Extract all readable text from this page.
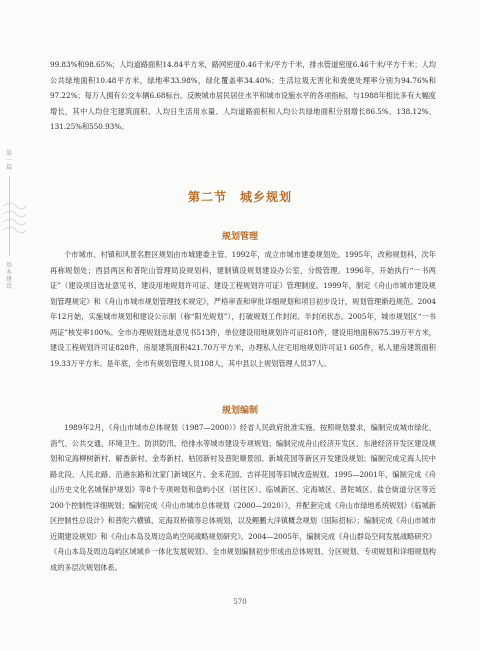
第一篇
基本建设

99.83%和98.65%；人均道路面积14.84平方米，路网密度0.46千米/平方千米，排水管道密度6.46千米/平方千米；人均公共绿地面积10.48平方米，绿地率33.98%，绿化覆盖率34.40%；生活垃圾无害化和粪便处理率分别为94.76%和97.22%；每万人拥有公交车辆6.68标台。反映城市居民居住水平和城市设施水平的各项指标，与1988年相比多有大幅度增长，其中人均住宅建筑面积、人均日生活用水量、人均道路面积和人均公共绿地面积分别增长86.5%、138.12%、131.25%和550.93%。

第二节　城乡规划
规划管理

个市城市、村镇和风景名胜区规划由市城建委主管。1992年，成立市城市建委规划处。1995年，改称规划科，次年再称规划处；西县两区和普陀山管理局设规划科，建制镇设规划建设办公室，分级管理。1996年，开始执行“一书两证”（建设项目选址意见书、建设用地规划许可证、建设工程规划许可证）管理制度。1999年，制定《舟山市城市建设规划管理规定》和《舟山市城市规划管理技术规定》，严格审查和审批详细规划和项目初步设计，规划管理渐趋规范。2004年12月始，实施城市规划和建设公示制（称“阳光规划”），打破规划工作封闭、半封闭状态。2005年，城市规划区“一书两证”核发率100%。全市办理规划选址意见书513件，单位建设用地规划许可证810件，建设用地面积675.39万平方米，建设工程规划许可证828件，房屋建筑面积421.70万平方米，办理私人住宅用地规划许可证1 605件，私人建房建筑面积19.33万平方米。是年底，全市有规划管理人员108人，其中县以上规划管理人员37人。

规划编制

1989年2月，《舟山市城市总体规划（1987—2000）》经省人民政府批准实施。按照规划要求，编制完成城市绿化、消气、公共交通、环境卫生、防洪防汛、给排水等城市建设专项规划；编制完成舟山经济开发区、东港经济开发区建设规划和定海柳树新村、解香新村、金寿新村、枯园新村及普陀顺景园、新城花园等新区开发建设规划；编制完成定海人民中路北段、人民北路、沿港东路和沈家门新城区片、金禾花园、吉祥花园等旧城改造规划。1995—2001年，编制完成《舟山历史文化名城保护规划》等8个专项规划和盘屿小区（居住区）、临城新区、定海城区、普陀城区、盐仓街道分区等近200个控制性详细规划；编制完成《舟山市城市总体规划（2000—2020）》，并配套完成《舟山市绿地系统规划》《临城新区控制性总设计》和普陀六横镇、定海双桥镇等总体规划，以及鲤鹏大洋镇概念规划（国际招标）；编制完成《舟山市城市近期建设规划》和《舟山本岛及周边岛屿空间战略规划研究》。2004—2005年，编制完成《舟山群岛空间发展战略研究》《舟山本岛及周边岛屿区域城乡一体化发展规划》。全市规划编制初步形成由总体规划、分区规划、专项规划和详细规划构成的多层次规划体系。

570
